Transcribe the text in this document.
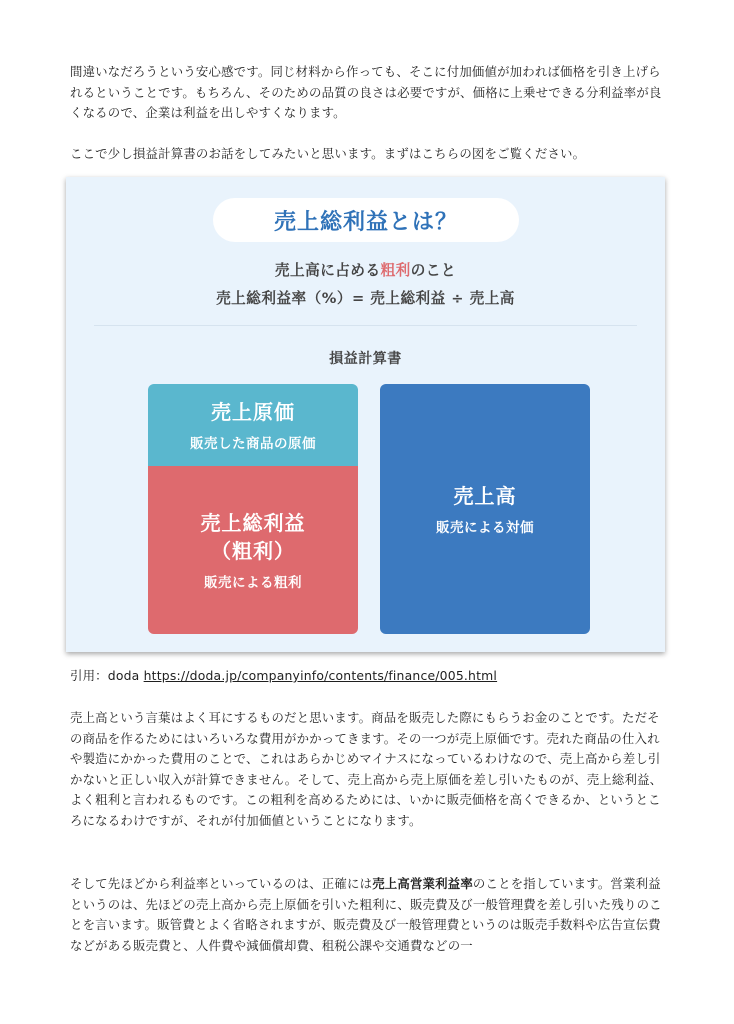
間違いなだろうという安心感です。同じ材料から作っても、そこに付加価値が加われば価格を引き上げられるということです。もちろん、そのための品質の良さは必要ですが、価格に上乗せできる分利益率が良くなるので、企業は利益を出しやすくなります。

ここで少し損益計算書のお話をしてみたいと思います。まずはこちらの図をご覧ください。

売上総利益とは？
売上高に占める粗利のこと
売上総利益率（%）= 売上総利益 ÷ 売上高
損益計算書
売上原価
販売した商品の原価
売上総利益
（粗利）
販売による粗利
売上高
販売による対価
引用：doda https://doda.jp/companyinfo/contents/finance/005.html

売上高という言葉はよく耳にするものだと思います。商品を販売した際にもらうお金のことです。ただその商品を作るためにはいろいろな費用がかかってきます。その一つが売上原価です。売れた商品の仕入れや製造にかかった費用のことで、これはあらかじめマイナスになっているわけなので、売上高から差し引かないと正しい収入が計算できません。そして、売上高から売上原価を差し引いたものが、売上総利益、よく粗利と言われるものです。この粗利を高めるためには、いかに販売価格を高くできるか、というところになるわけですが、それが付加価値ということになります。

そして先ほどから利益率といっているのは、正確には売上高営業利益率のことを指しています。営業利益というのは、先ほどの売上高から売上原価を引いた粗利に、販売費及び一般管理費を差し引いた残りのことを言います。販管費とよく省略されますが、販売費及び一般管理費というのは販売手数料や広告宣伝費などがある販売費と、人件費や減価償却費、租税公課や交通費などの一
